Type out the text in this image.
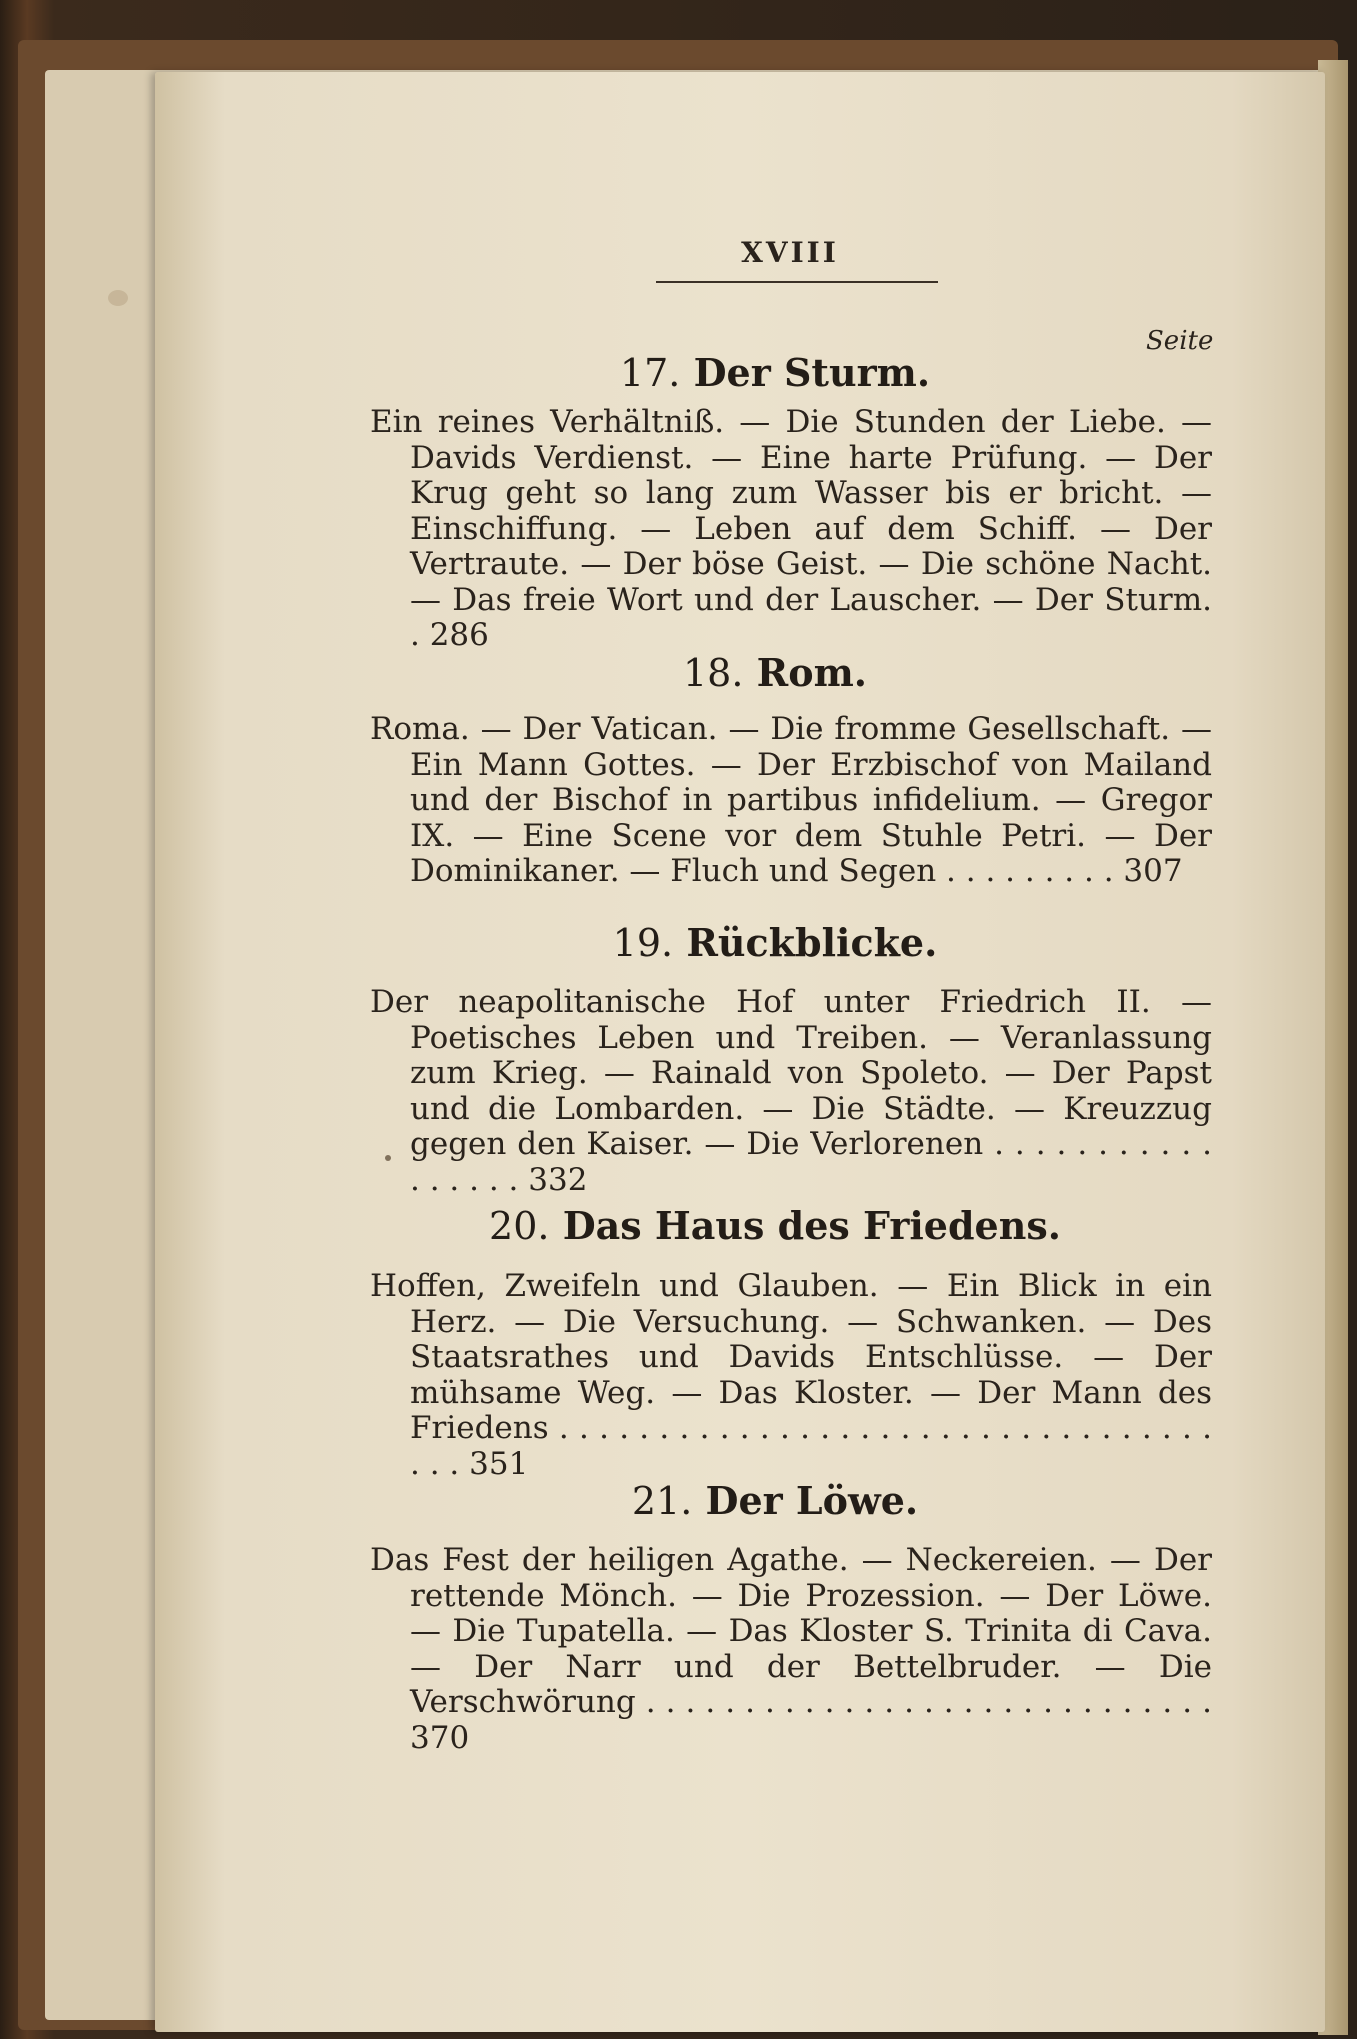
XVIII
Seite
17. Der Sturm.
Ein reines Verhältniß. — Die Stunden der Liebe. — Davids Verdienst. — Eine harte Prüfung. — Der Krug geht so lang zum Wasser bis er bricht. — Einschiffung. — Leben auf dem Schiff. — Der Vertraute. — Der böse Geist. — Die schöne Nacht. — Das freie Wort und der Lauscher. — Der Sturm. . 286
18. Rom.
Roma. — Der Vatican. — Die fromme Gesellschaft. — Ein Mann Gottes. — Der Erzbischof von Mailand und der Bischof in partibus infidelium. — Gregor IX. — Eine Scene vor dem Stuhle Petri. — Der Dominikaner. — Fluch und Segen . . . . . . . . . 307
19. Rückblicke.
Der neapolitanische Hof unter Friedrich II. — Poetisches Leben und Treiben. — Veranlassung zum Krieg. — Rainald von Spoleto. — Der Papst und die Lombarden. — Die Städte. — Kreuzzug gegen den Kaiser. — Die Verlorenen . . . . . . . . . . . . . . . . . 332
20. Das Haus des Friedens.
Hoffen, Zweifeln und Glauben. — Ein Blick in ein Herz. — Die Versuchung. — Schwanken. — Des Staatsrathes und Davids Entschlüsse. — Der mühsame Weg. — Das Kloster. — Der Mann des Friedens . . . . . . . . . . . . . . . . . . . . . . . . . . . . . . . . . . . . 351
21. Der Löwe.
Das Fest der heiligen Agathe. — Neckereien. — Der rettende Mönch. — Die Prozession. — Der Löwe. — Die Tupatella. — Das Kloster S. Trinita di Cava. — Der Narr und der Bettelbruder. — Die Verschwörung . . . . . . . . . . . . . . . . . . . . . . . . . . . . . 370
